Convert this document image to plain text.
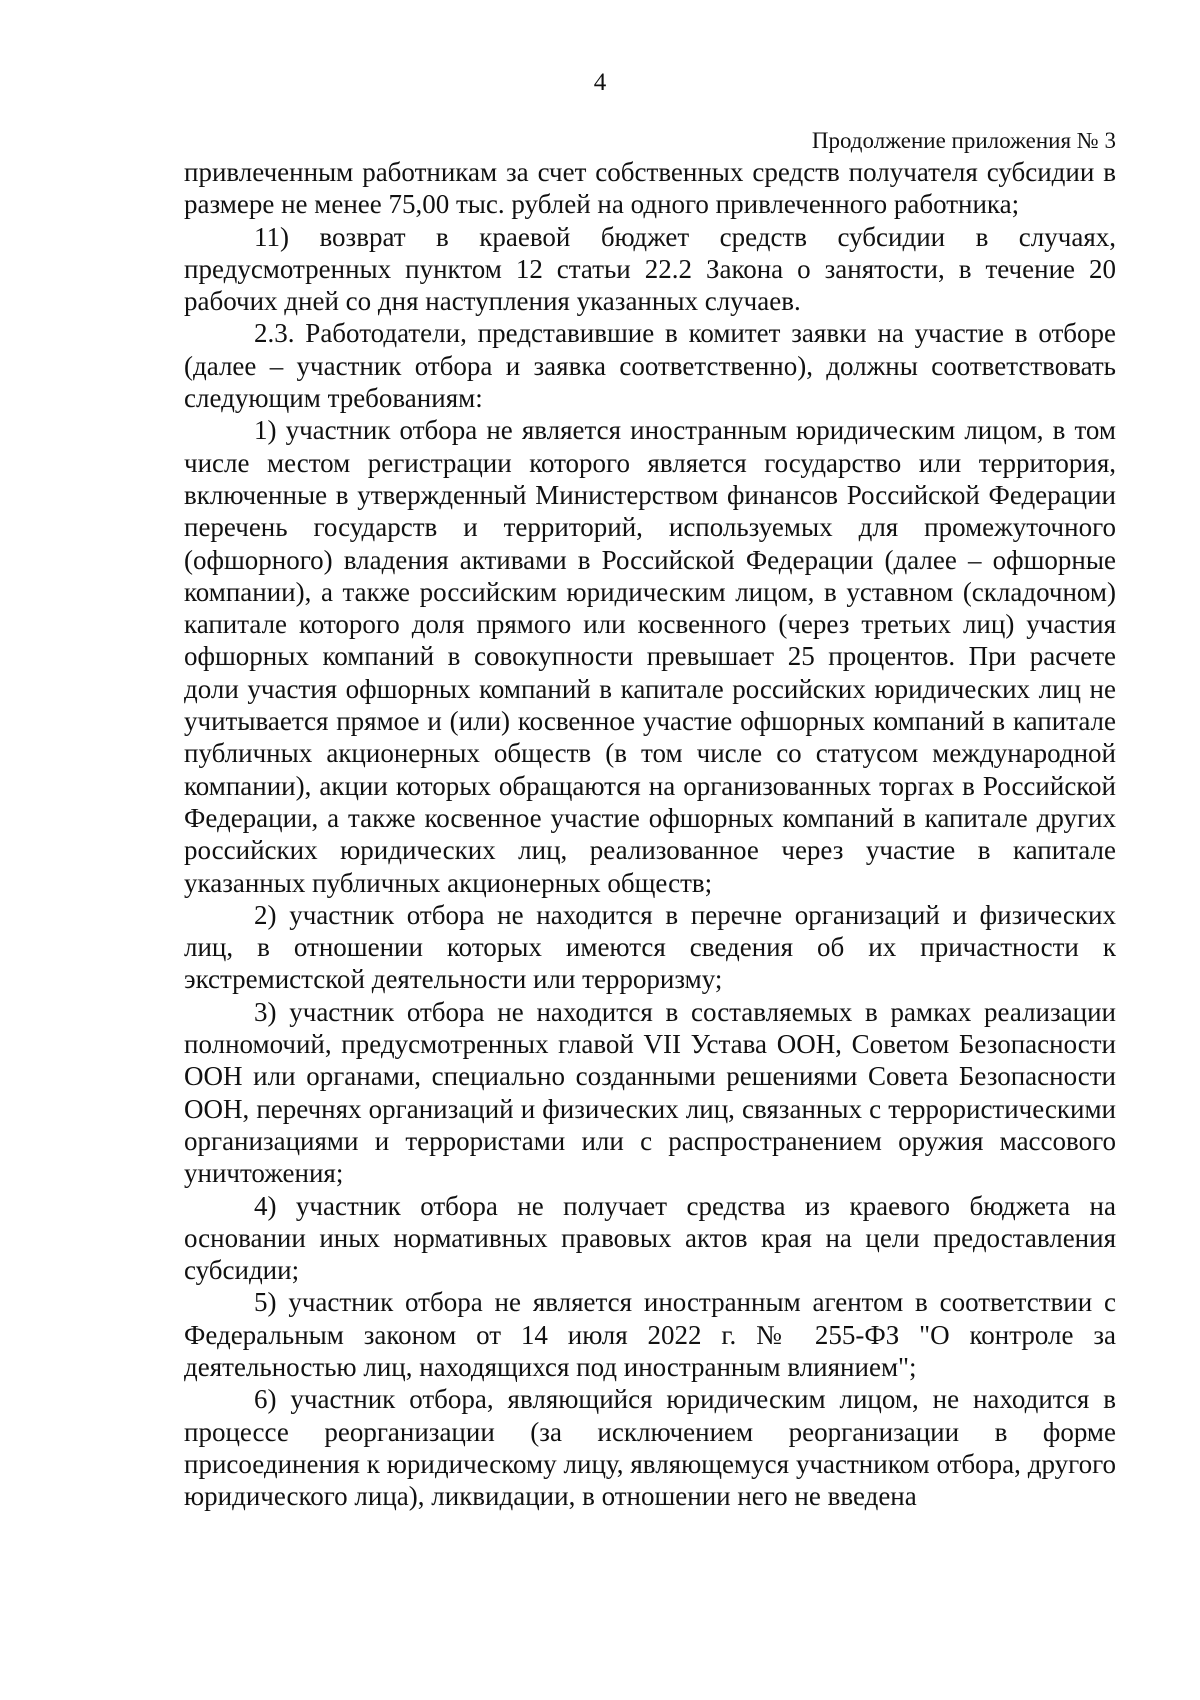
4
Продолжение приложения № 3

привлеченным работникам за счет собственных средств получателя субсидии в размере не менее 75,00 тыс. рублей на одного привлеченного работника;

11) возврат в краевой бюджет средств субсидии в случаях, предусмотренных пунктом 12 статьи 22.2 Закона о занятости, в течение 20 рабочих дней со дня наступления указанных случаев.

2.3. Работодатели, представившие в комитет заявки на участие в отборе (далее – участник отбора и заявка соответственно), должны соответствовать следующим требованиям:

1) участник отбора не является иностранным юридическим лицом, в том числе местом регистрации которого является государство или территория, включенные в утвержденный Министерством финансов Российской Федерации перечень государств и территорий, используемых для промежуточного (офшорного) владения активами в Российской Федерации (далее – офшорные компании), а также российским юридическим лицом, в уставном (складочном) капитале которого доля прямого или косвенного (через третьих лиц) участия офшорных компаний в совокупности превышает 25 процентов. При расчете доли участия офшорных компаний в капитале российских юридических лиц не учитывается прямое и (или) косвенное участие офшорных компаний в капитале публичных акционерных обществ (в том числе со статусом международной компании), акции которых обращаются на организованных торгах в Российской Федерации, а также косвенное участие офшорных компаний в капитале других российских юридических лиц, реализованное через участие в капитале указанных публичных акционерных обществ;

2) участник отбора не находится в перечне организаций и физических лиц, в отношении которых имеются сведения об их причастности к экстремистской деятельности или терроризму;

3) участник отбора не находится в составляемых в рамках реализации полномочий, предусмотренных главой VII Устава ООН, Советом Безопасности ООН или органами, специально созданными решениями Совета Безопасности ООН, перечнях организаций и физических лиц, связанных с террористическими организациями и террористами или с распространением оружия массового уничтожения;

4) участник отбора не получает средства из краевого бюджета на основании иных нормативных правовых актов края на цели предоставления субсидии;

5) участник отбора не является иностранным агентом в соответствии с Федеральным законом от 14 июля 2022 г. № 255-ФЗ "О контроле за деятельностью лиц, находящихся под иностранным влиянием";

6) участник отбора, являющийся юридическим лицом, не находится в процессе реорганизации (за исключением реорганизации в форме присоединения к юридическому лицу, являющемуся участником отбора, другого юридического лица), ликвидации, в отношении него не введена
